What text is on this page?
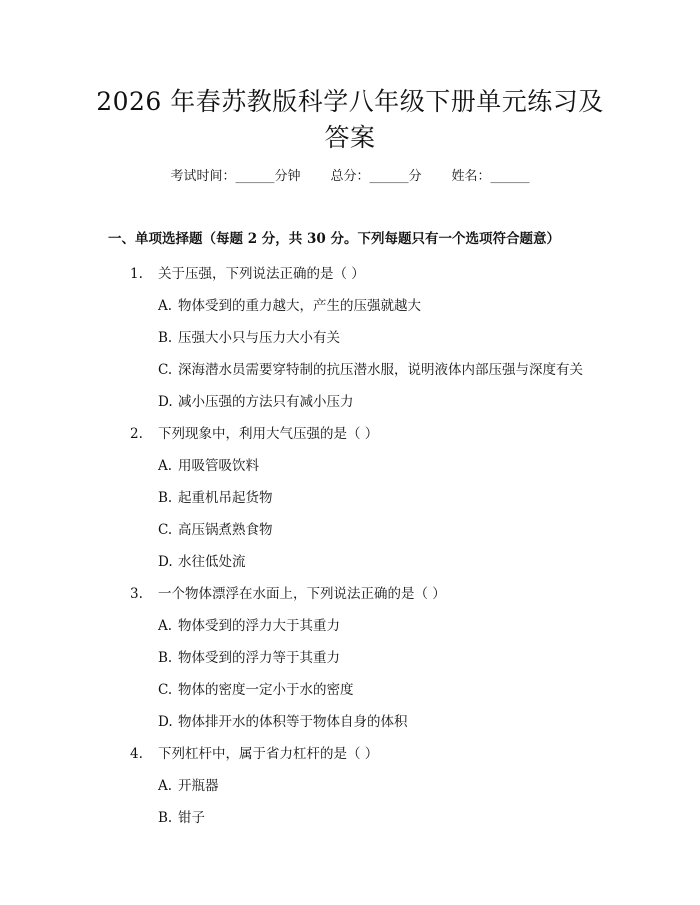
2026 年春苏教版科学八年级下册单元练习及
答案
考试时间：______分钟 总分：______分 姓名：______
一、单项选择题（每题 2 分，共 30 分。下列每题只有一个选项符合题意）
1. 关于压强，下列说法正确的是（ ）
A. 物体受到的重力越大，产生的压强就越大
B. 压强大小只与压力大小有关
C. 深海潜水员需要穿特制的抗压潜水服，说明液体内部压强与深度有关
D. 减小压强的方法只有减小压力
2. 下列现象中，利用大气压强的是（ ）
A. 用吸管吸饮料
B. 起重机吊起货物
C. 高压锅煮熟食物
D. 水往低处流
3. 一个物体漂浮在水面上，下列说法正确的是（ ）
A. 物体受到的浮力大于其重力
B. 物体受到的浮力等于其重力
C. 物体的密度一定小于水的密度
D. 物体排开水的体积等于物体自身的体积
4. 下列杠杆中，属于省力杠杆的是（ ）
A. 开瓶器
B. 钳子
